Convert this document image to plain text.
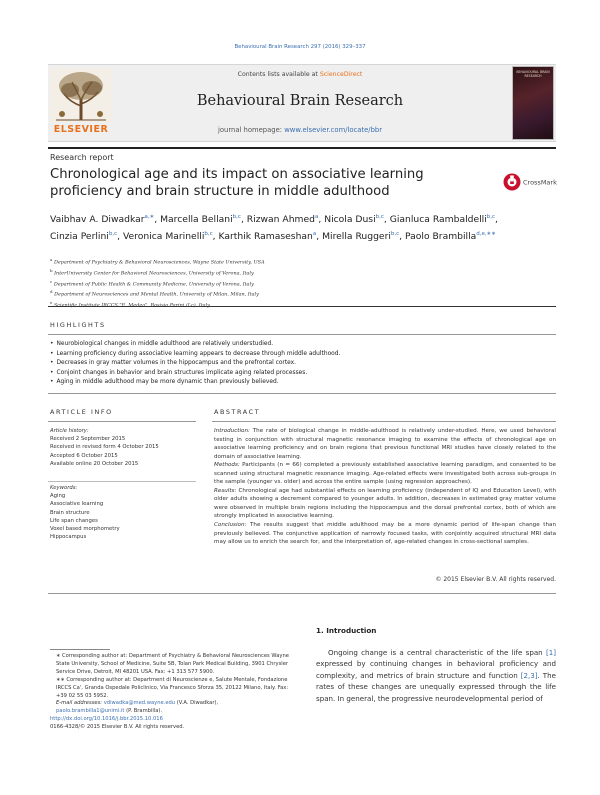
Behavioural Brain Research 297 (2016) 329–337
Contents lists available at ScienceDirect
Behavioural Brain Research
journal homepage: www.elsevier.com/locate/bbr
ELSEVIER
BEHAVIOURAL BRAIN RESEARCH
Research report
Chronological age and its impact on associative learning proficiency and brain structure in middle adulthood
CrossMark
Vaibhav A. Diwadkar$^{a,∗}$, Marcella Bellani$^{b,c}$, Rizwan Ahmed$^a$, Nicola Dusi$^{b,c}$, Gianluca Rambaldelli$^{b,c}$, Cinzia Perlini$^{b,c}$, Veronica Marinelli$^{b,c}$, Karthik Ramaseshan$^a$, Mirella Ruggeri$^{b,c}$, Paolo Brambilla$^{d,e,∗∗}$
$^a$ Department of Psychiatry & Behavioral Neurosciences, Wayne State University, USA
$^b$ InterUniversity Center for Behavioral Neurosciences, University of Verona, Italy
$^c$ Department of Public Health & Community Medicine, University of Verona, Italy
$^d$ Department of Neurosciences and Mental Health, University of Milan, Milan, Italy
$^e$
HIGHLIGHTS
• Neurobiological changes in middle adulthood are relatively understudied.
• Learning proficiency during associative learning appears to decrease through middle adulthood.
• Decreases in gray matter volumes in the hippocampus and the prefrontal cortex.
• Conjoint changes in behavior and brain structures implicate aging related processes.
• Aging in middle adulthood may be more dynamic than previously believed.
ARTICLE INFO
Article history:
Received 2 September 2015
Received in revised form 4 October 2015
Accepted 6 October 2015
Available online 20 October 2015
Keywords:
Aging
Associative learning
Brain structure
Life span changes
Voxel based morphometry
Hippocampus
ABSTRACT

Introduction: The rate of biological change in middle-adulthood is relatively under-studied. Here, we used behavioral testing in conjunction with structural magnetic resonance imaging to examine the effects of chronological age on associative learning proficiency and on brain regions that previous functional MRI studies have closely related to the domain of associative learning.

Methods: Participants (n = 66) completed a previously established associative learning paradigm, and consented to be scanned using structural magnetic resonance imaging. Age-related effects were investigated both across sub-groups in the sample (younger vs. older) and across the entire sample (using regression approaches).

Results: Chronological age had substantial effects on learning proficiency (independent of IQ and Education Level), with older adults showing a decrement compared to younger adults. In addition, decreases in estimated gray matter volume were observed in multiple brain regions including the hippocampus and the dorsal prefrontal cortex, both of which are strongly implicated in associative learning.

Conclusion: The results suggest that middle adulthood may be a more dynamic period of life-span change than previously believed. The conjunctive application of narrowly focused tasks, with conjointly acquired structural MRI data may allow us to enrich the search for, and the interpretation of, age-related changes in cross-sectional samples.

© 2015 Elsevier B.V. All rights reserved.
∗ Corresponding author at: Department of Psychiatry & Behavioral Neurosciences Wayne State University, School of Medicine, Suite 5B, Tolan Park Medical Building, 3901 Chrysler Service Drive, Detroit, MI 48201 USA. Fax: +1 313 577 5900.
∗∗ Corresponding author at: Department di Neuroscienze e, Salute Mentale, Fondazione IRCCS Ca', Granda Ospedale Policlinico, Via Francesco Sforza 35, 20122 Milano, Italy. Fax: +39 02 55 03 5952.
E-mail addresses: vdiwadka@med.wayne.edu (V.A. Diwadkar),
paolo.brambilla1@unimi.it (P. Brambilla).
http://dx.doi.org/10.1016/j.bbr.2015.10.016
0166-4328/© 2015 Elsevier B.V. All rights reserved.
1. Introduction
Ongoing change is a central characteristic of the life span [1] expressed by continuing changes in behavioral proficiency and complexity, and metrics of brain structure and function [2,3]. The rates of these changes are unequally expressed through the life span. In general, the progressive neurodevelopmental period of
